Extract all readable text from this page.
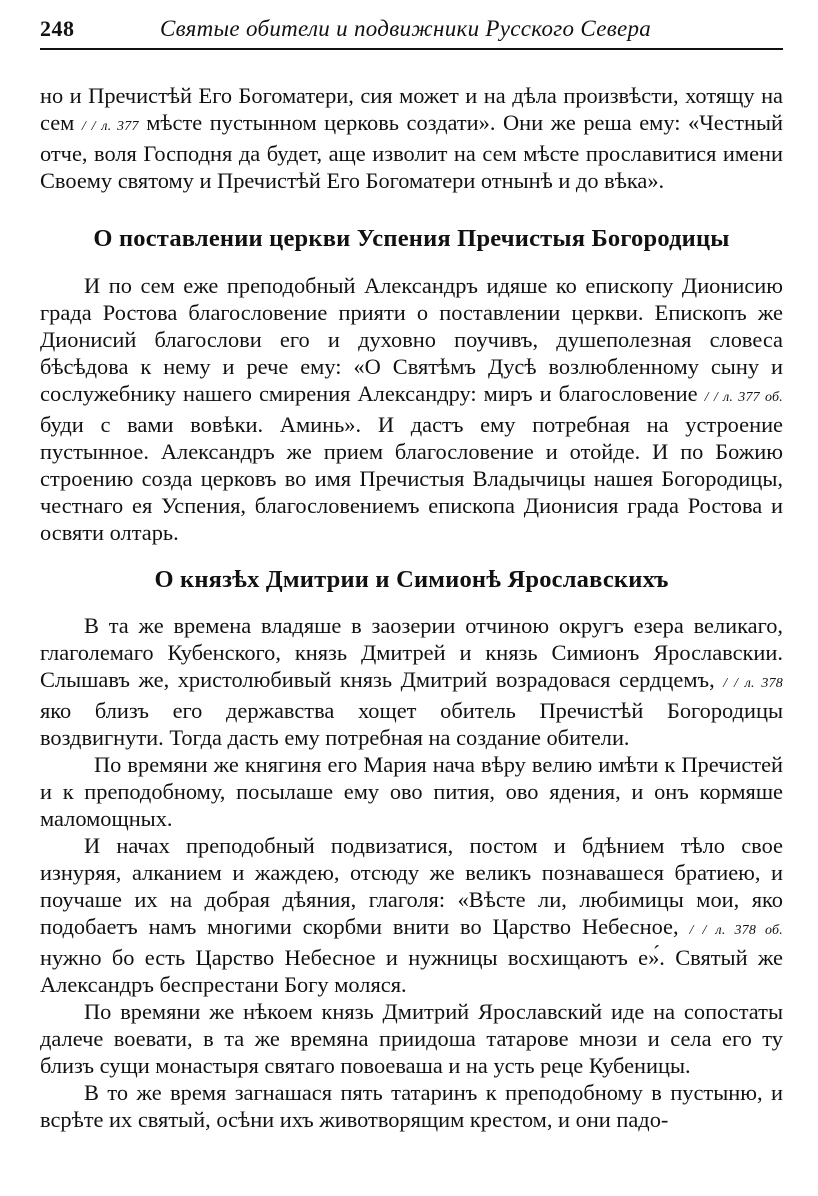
248	Святые обители и подвижники Русского Севера

но и Пречистѣй Его Богоматери, сия может и на дѣла произвѣсти, хотящу на сем / / л. 377 мѣсте пустынном церковь создати». Они же реша ему: «Честный отче, воля Господня да будет, аще изволит на сем мѣсте прославитися имени Своему святому и Пречистѣй Его Богоматери отнынѣ и до вѣка».

О поставлении церкви Успения Пречистыя Богородицы

И по сем еже преподобный Александръ идяше ко епископу Дионисию града Ростова благословение прияти о поставлении церкви. Епископъ же Дионисий благослови его и духовно поучивъ, душеполезная словеса бѣсѣдова к нему и рече ему: «О Святѣмъ Дусѣ возлюбленному сыну и сослужебнику нашего смирения Александру: миръ и благословение / / л. 377 об. буди с вами вовѣки. Аминь». И дастъ ему потребная на устроение пустынное. Александръ же прием благословение и отойде. И по Божию строению созда церковъ во имя Пречистыя Владычицы нашея Богородицы, честнаго ея Успения, благословениемъ епископа Дионисия града Ростова и освяти олтарь.

О князѣх Дмитрии и Симионѣ Ярославскихъ

В та же времена владяше в заозерии отчиною округъ езера великаго, глаголемаго Кубенского, князь Дмитрей и князь Симионъ Ярославскии. Слышавъ же, христолюбивый князь Дмитрий возрадовася сердцемъ, / / л. 378 яко близъ его державства хощет обитель Пречистѣй Богородицы воздвигнути. Тогда дасть ему потребная на создание обители.

По времяни же княгиня его Мария нача вѣру велию имѣти к Пречистей и к преподобному, посылаше ему ово пития, ово ядения, и онъ кормяше маломощных.

И начах преподобный подвизатися, постом и бдѣнием тѣло свое изнуряя, алканием и жаждею, отсюду же великъ познавашеся братиею, и поучаше их на добрая дѣяния, глаголя: «Вѣсте ли, любимицы мои, яко подобаетъ намъ многими скорбми внити во Царство Небесное, / / л. 378 об. нужно бо есть Царство Небесное и нужницы восхищаютъ е»́. Святый же Александръ беспрестани Богу моляся.

По времяни же нѣкоем князь Дмитрий Ярославский иде на сопостаты далече воевати, в та же времяна приидоша татарове мнози и села его ту близъ сущи монастыря святаго повоеваша и на усть реце Кубеницы.

В то же время загнашася пять татаринъ к преподобному в пустыню, и всрѣте их святый, осѣни ихъ животворящим крестом, и они падо-
